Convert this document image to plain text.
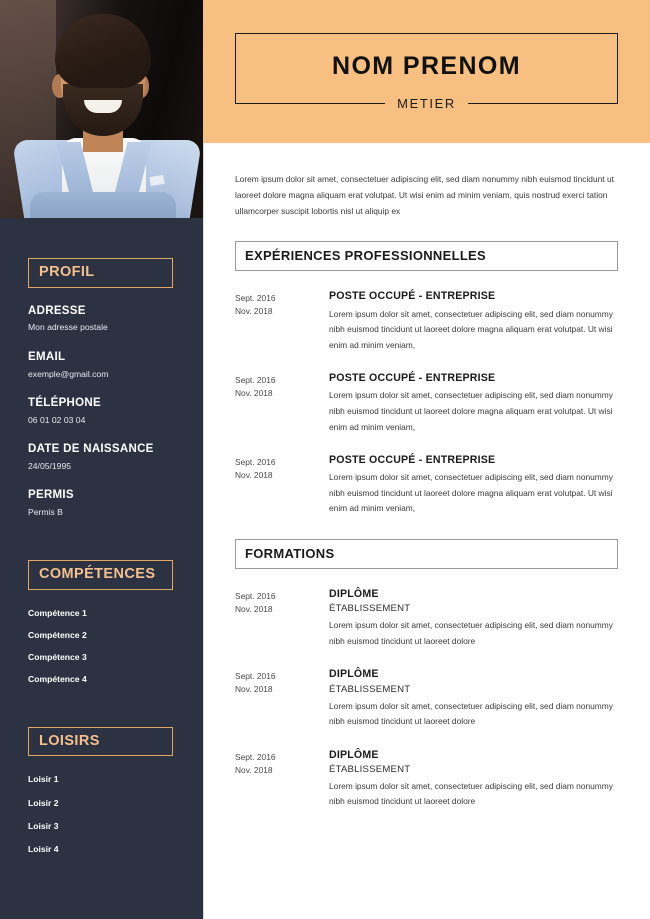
PROFIL
ADRESSE
Mon adresse postale
EMAIL
exemple@gmail.com
TÉLÉPHONE
06 01 02 03 04
DATE DE NAISSANCE
24/05/1995
PERMIS
Permis B
COMPÉTENCES
Compétence 1
Compétence 2
Compétence 3
Compétence 4
LOISIRS
Loisir 1
Loisir 2
Loisir 3
Loisir 4
NOM PRENOM
METIER
Lorem ipsum dolor sit amet, consectetuer adipiscing elit, sed diam nonummy nibh euismod tincidunt ut laoreet dolore magna aliquam erat volutpat. Ut wisi enim ad minim veniam, quis nostrud exerci tation ullamcorper suscipit lobortis nisl ut aliquip ex
EXPÉRIENCES PROFESSIONNELLES
Sept. 2016
Nov. 2018
POSTE OCCUPÉ - ENTREPRISE
Lorem ipsum dolor sit amet, consectetuer adipiscing elit, sed diam nonummy nibh euismod tincidunt ut laoreet dolore magna aliquam erat volutpat. Ut wisi enim ad minim veniam,
Sept. 2016
Nov. 2018
POSTE OCCUPÉ - ENTREPRISE
Lorem ipsum dolor sit amet, consectetuer adipiscing elit, sed diam nonummy nibh euismod tincidunt ut laoreet dolore magna aliquam erat volutpat. Ut wisi enim ad minim veniam,
Sept. 2016
Nov. 2018
POSTE OCCUPÉ - ENTREPRISE
Lorem ipsum dolor sit amet, consectetuer adipiscing elit, sed diam nonummy nibh euismod tincidunt ut laoreet dolore magna aliquam erat volutpat. Ut wisi enim ad minim veniam,
FORMATIONS
Sept. 2016
Nov. 2018
DIPLÔME
ÉTABLISSEMENT
Lorem ipsum dolor sit amet, consectetuer adipiscing elit, sed diam nonummy nibh euismod tincidunt ut laoreet dolore
Sept. 2016
Nov. 2018
DIPLÔME
ÉTABLISSEMENT
Lorem ipsum dolor sit amet, consectetuer adipiscing elit, sed diam nonummy nibh euismod tincidunt ut laoreet dolore
Sept. 2016
Nov. 2018
DIPLÔME
ÉTABLISSEMENT
Lorem ipsum dolor sit amet, consectetuer adipiscing elit, sed diam nonummy nibh euismod tincidunt ut laoreet dolore
